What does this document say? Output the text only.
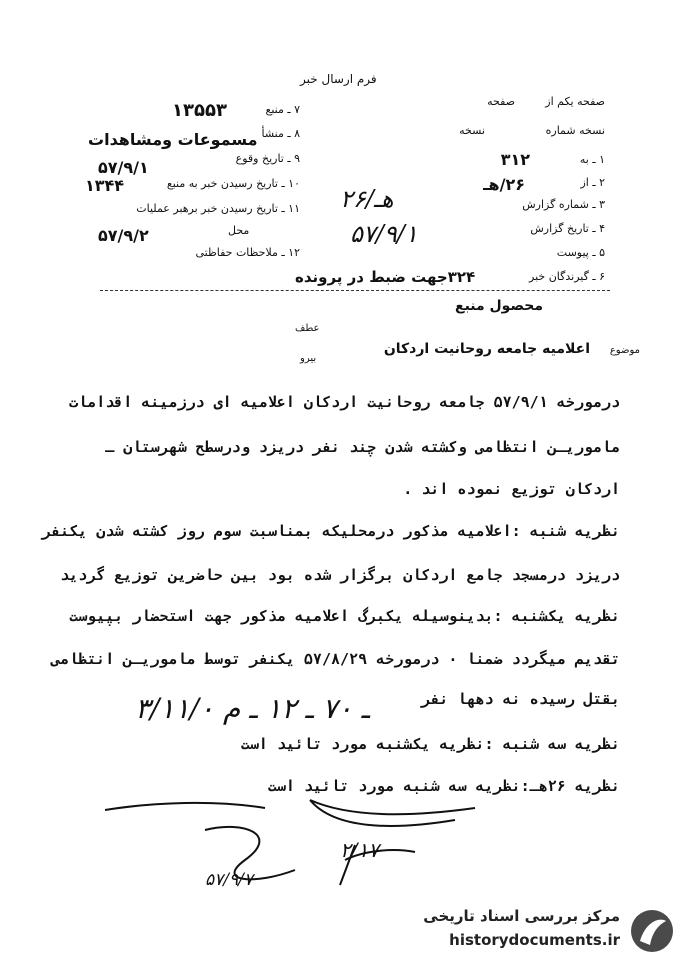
فرم ارسال خبر
صفحه یکم از
صفحه
نسخه شماره
نسخه
۱ ـ به
۳۱۲
۲ ـ از
۲۶/هـ
۳ ـ شماره گزارش
۴ ـ تاریخ گزارش
۵ ـ پیوست
۶ ـ گیرندگان خبر
۷ ـ منبع
۱۳۵۵۳
۸ ـ منشأ
مسموعات ومشاهدات
۹ ـ تاریخ وقوع
۵۷/۹/۱
۱۰ ـ تاریخ رسیدن خبر به منبع
۱۳۴۴
۱۱ ـ تاریخ رسیدن خبر برهبر عملیات
محل
۵۷/۹/۲
۱۲ ـ ملاحظات حفاظتی
۲۶/هـ
۵۷/۹/۱
۳۲۴جهت ضبط در پرونده
محصول منبع
عطف
بیرو
موضوع
اعلامیه جامعه روحانیت اردکان
درمورخه ۵۷/۹/۱ جامعه روحانیت اردکان اعلامیه ای درزمینه اقدامات
ماموریـن انتظامی وکشته شدن چند نفر دریزد ودرسطح شهرستان ـ
اردکان توزیع نموده اند .
نظریه شنبه :اعلامیه مذکور درمحلیکه بمناسبت سوم روز کشته شدن یکنفر
دریزد درمسجد جامع اردکان برگزار شده بود بین حاضرین توزیع گردید
نظریه یکشنبه :بدینوسیله یکبرگ اعلامیه مذکور جهت استحضار بپیوست
تقدیم میگردد ضمنا ۰ درمورخه ۵۷/۸/۲۹ یکنفر توسط ماموریـن انتظامی
بقتل رسیده نه دهها نفر
۳/۱۱/۰ ـ ۷۰ ـ ۱۲ ـ م
نظریه سه شنبه :نظریه یکشنبه مورد تائید است
نظریه ۲۶هـ:نظریه سه شنبه مورد تائید است
۲/۱۷
۵۷/۹/۷
مرکز بررسی اسناد تاریخی
historydocuments.ir
